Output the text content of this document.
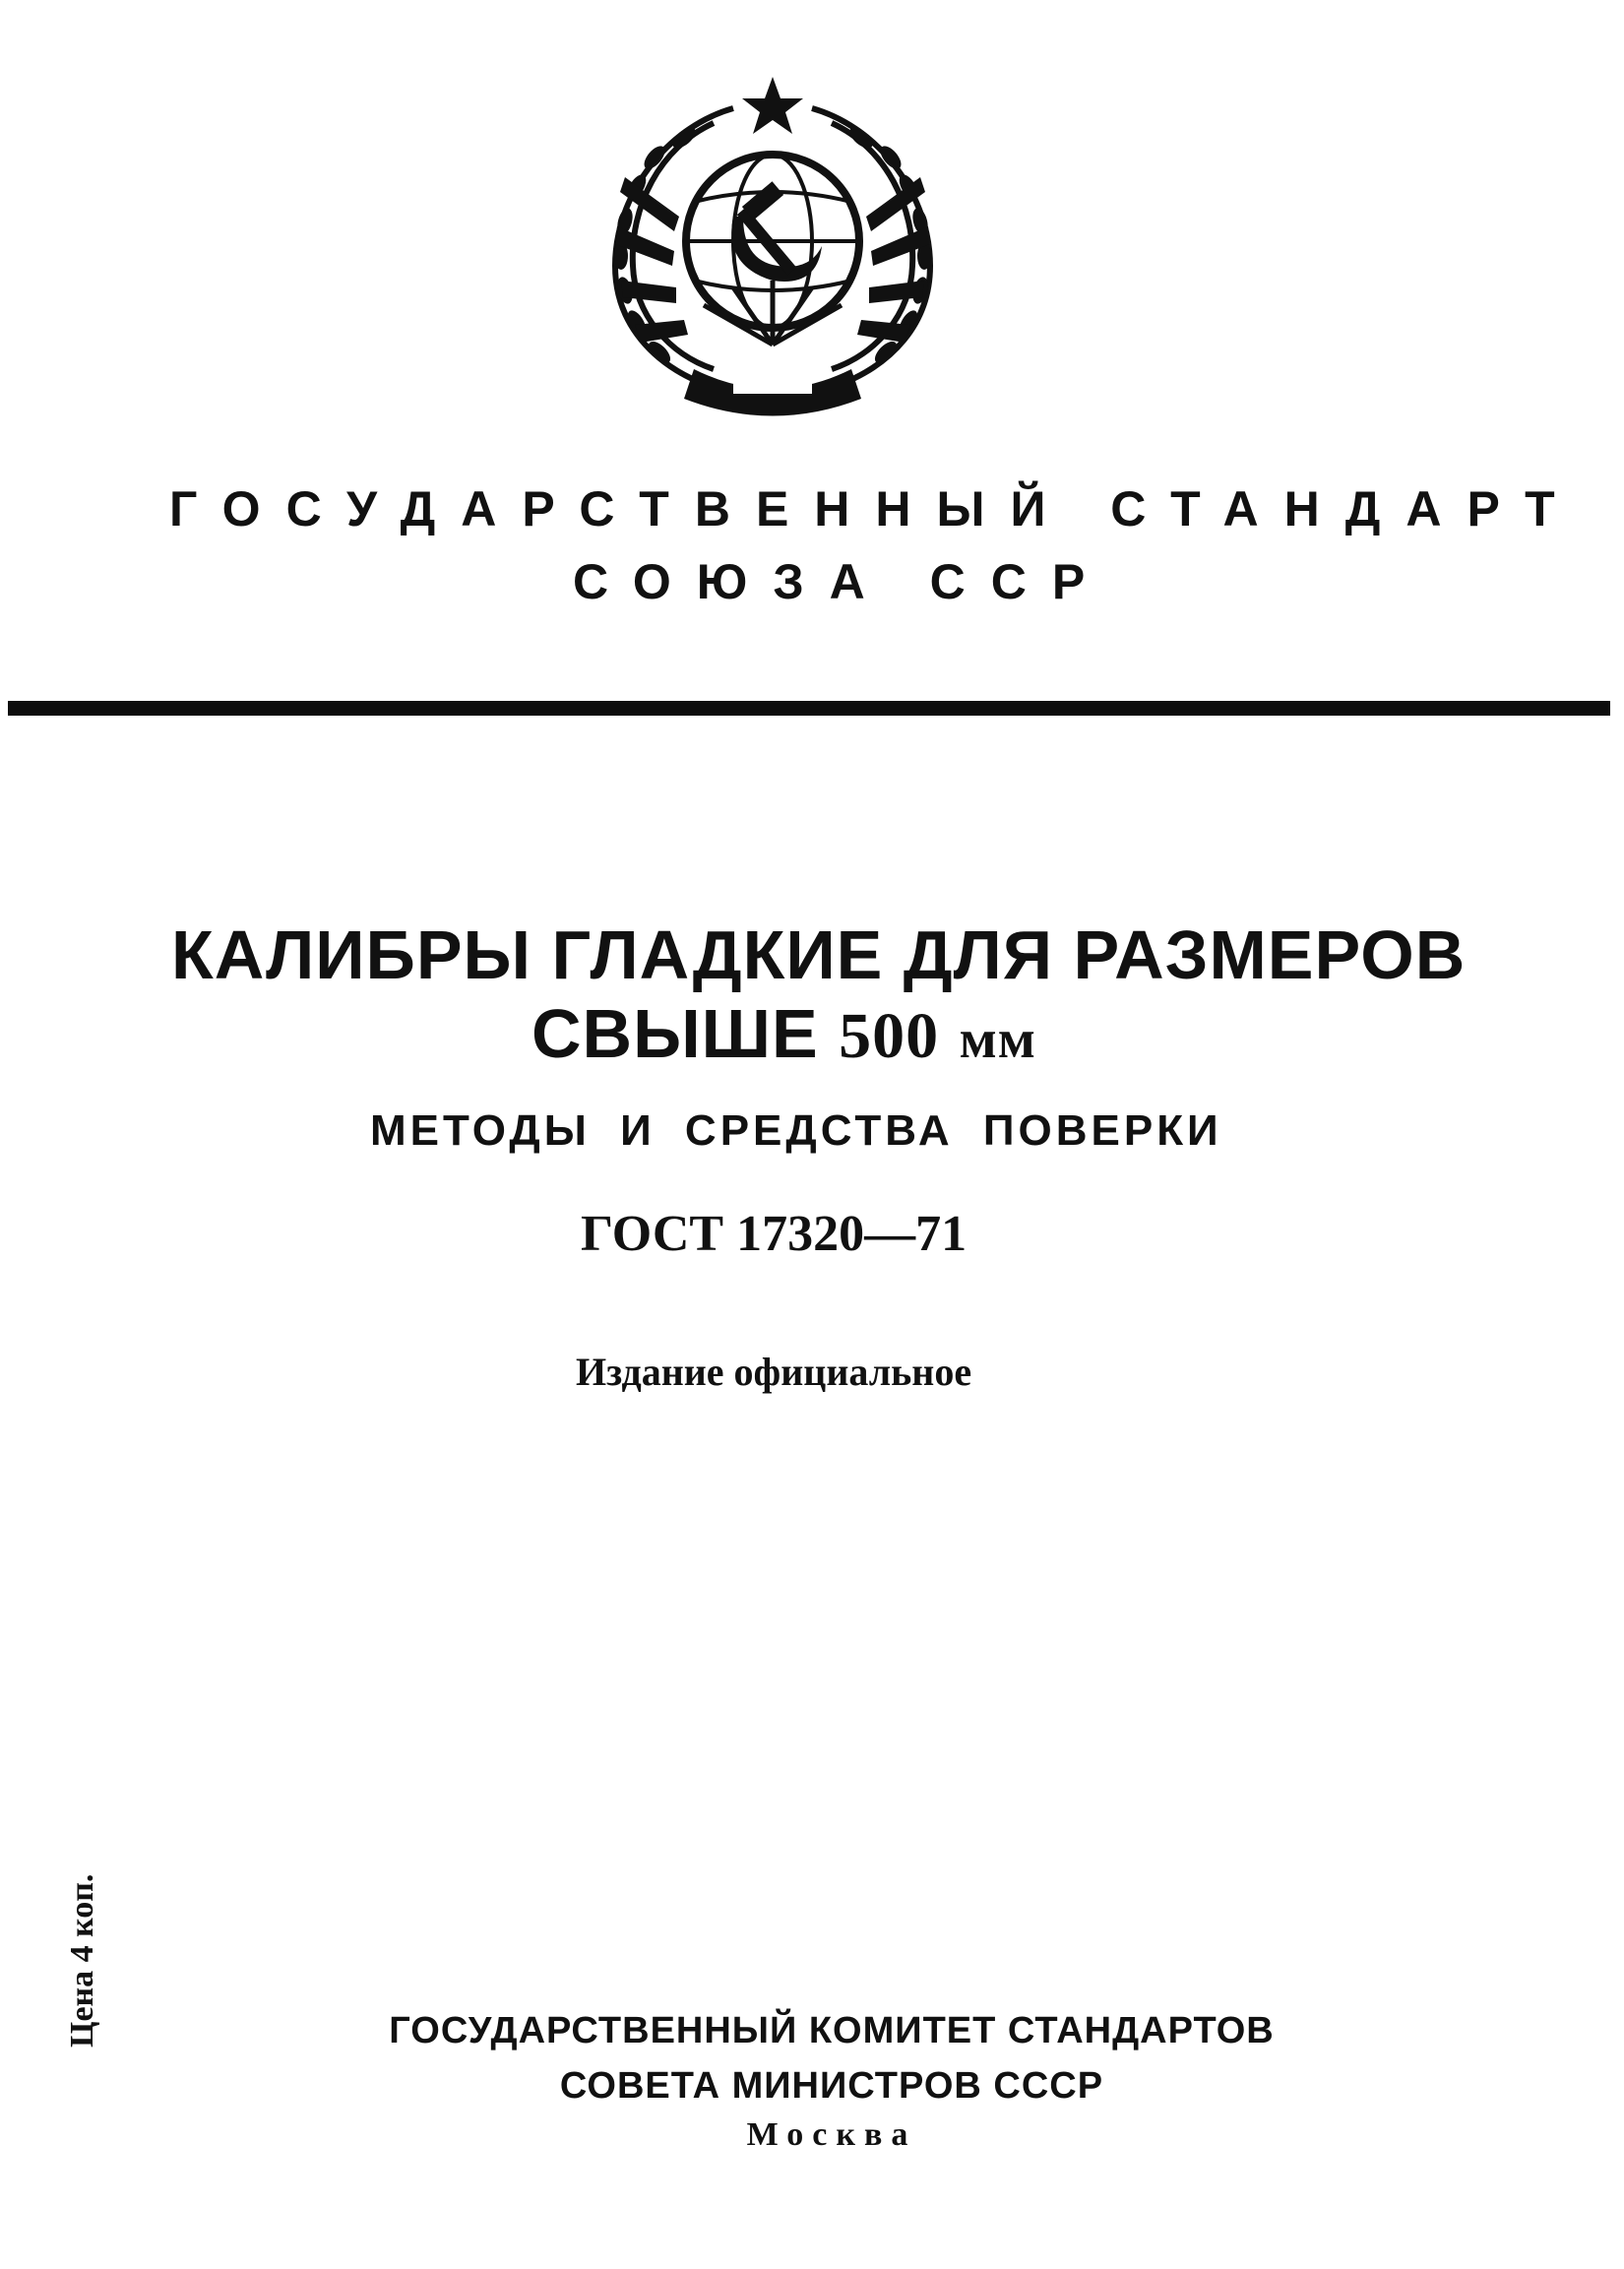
ГОСУДАРСТВЕННЫЙ СТАНДАРТ
СОЮЗА ССР
КАЛИБРЫ ГЛАДКИЕ ДЛЯ РАЗМЕРОВ
СВЫШЕ 500 мм
МЕТОДЫ И СРЕДСТВА ПОВЕРКИ
ГОСТ 17320—71
Издание официальное
Цена 4 коп.	ГОСУДАРСТВЕННЫЙ КОМИТЕТ СТАНДАРТОВ
СОВЕТА МИНИСТРОВ СССР
Москва
